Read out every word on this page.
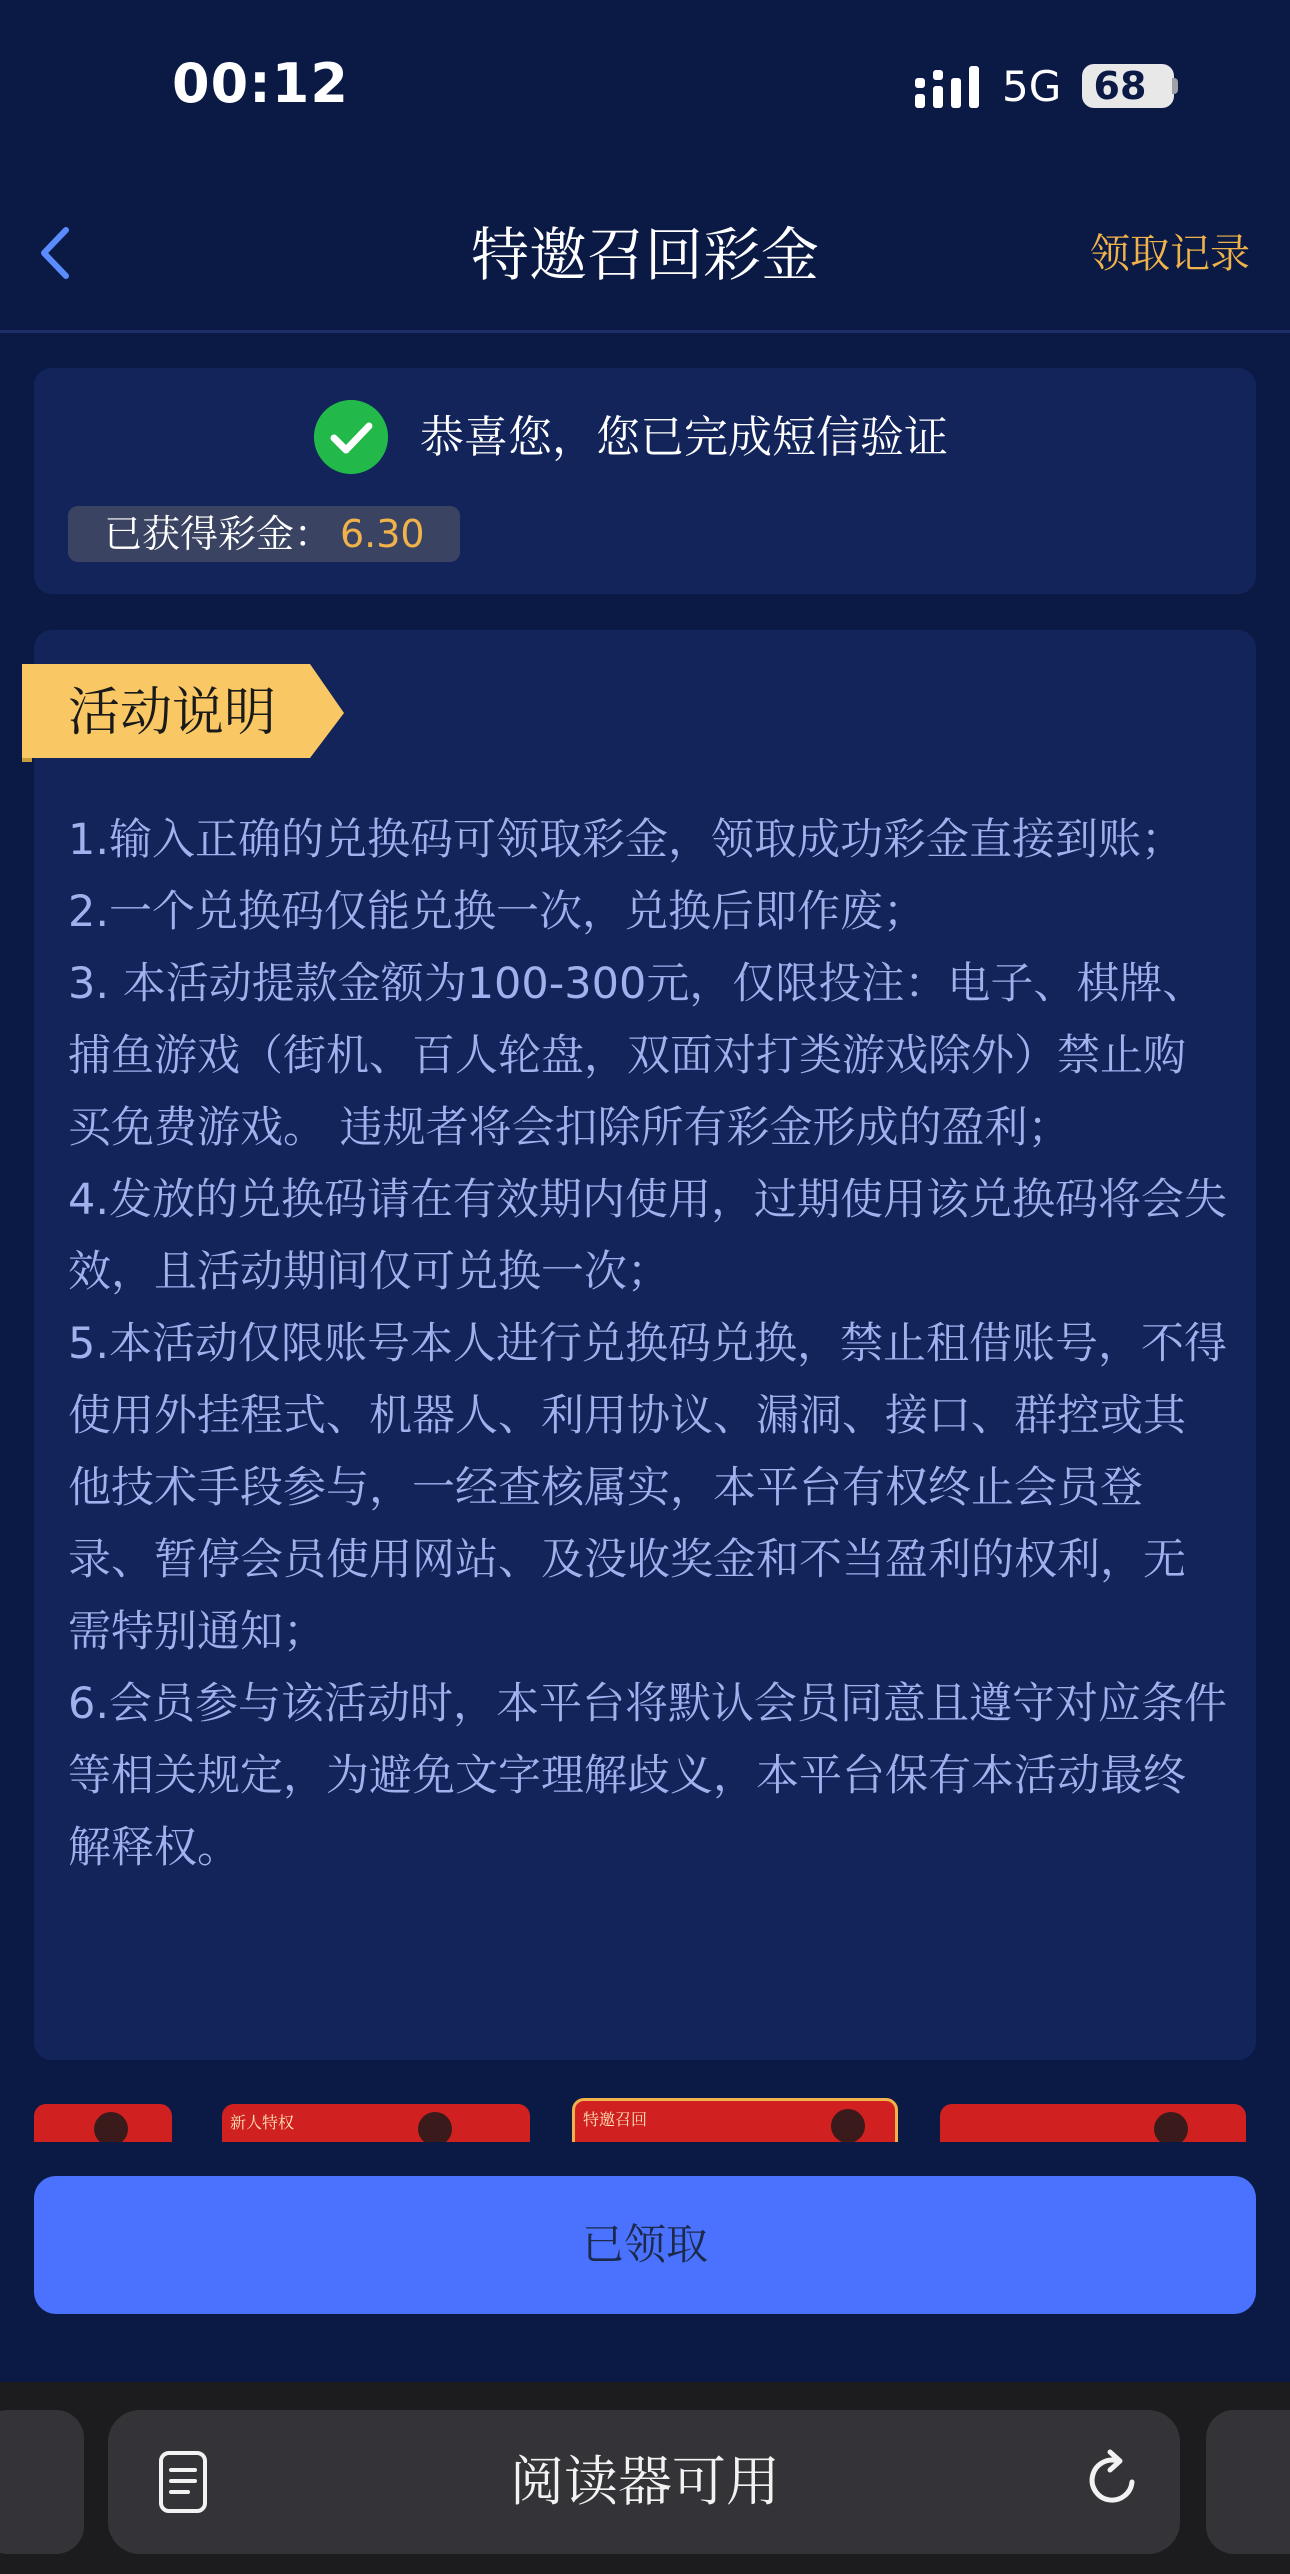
00:12	5G 68
特邀召回彩金	领取记录
恭喜您，您已完成短信验证
已获得彩金： 6.30
活动说明

1.输入正确的兑换码可领取彩金，领取成功彩金直接到账；

2.一个兑换码仅能兑换一次，兑换后即作废；

3. 本活动提款金额为100-300元，仅限投注：电子、棋牌、捕鱼游戏（街机、百人轮盘，双面对打类游戏除外）禁止购买免费游戏。 违规者将会扣除所有彩金形成的盈利；

4.发放的兑换码请在有效期内使用，过期使用该兑换码将会失效，且活动期间仅可兑换一次；

5.本活动仅限账号本人进行兑换码兑换，禁止租借账号，不得使用外挂程式、机器人、利用协议、漏洞、接口、群控或其他技术手段参与，一经查核属实，本平台有权终止会员登录、暂停会员使用网站、及没收奖金和不当盈利的权利，无需特别通知；

6.会员参与该活动时，本平台将默认会员同意且遵守对应条件等相关规定，为避免文字理解歧义，本平台保有本活动最终解释权。

新人特权	特邀召回
已领取
阅读器可用
